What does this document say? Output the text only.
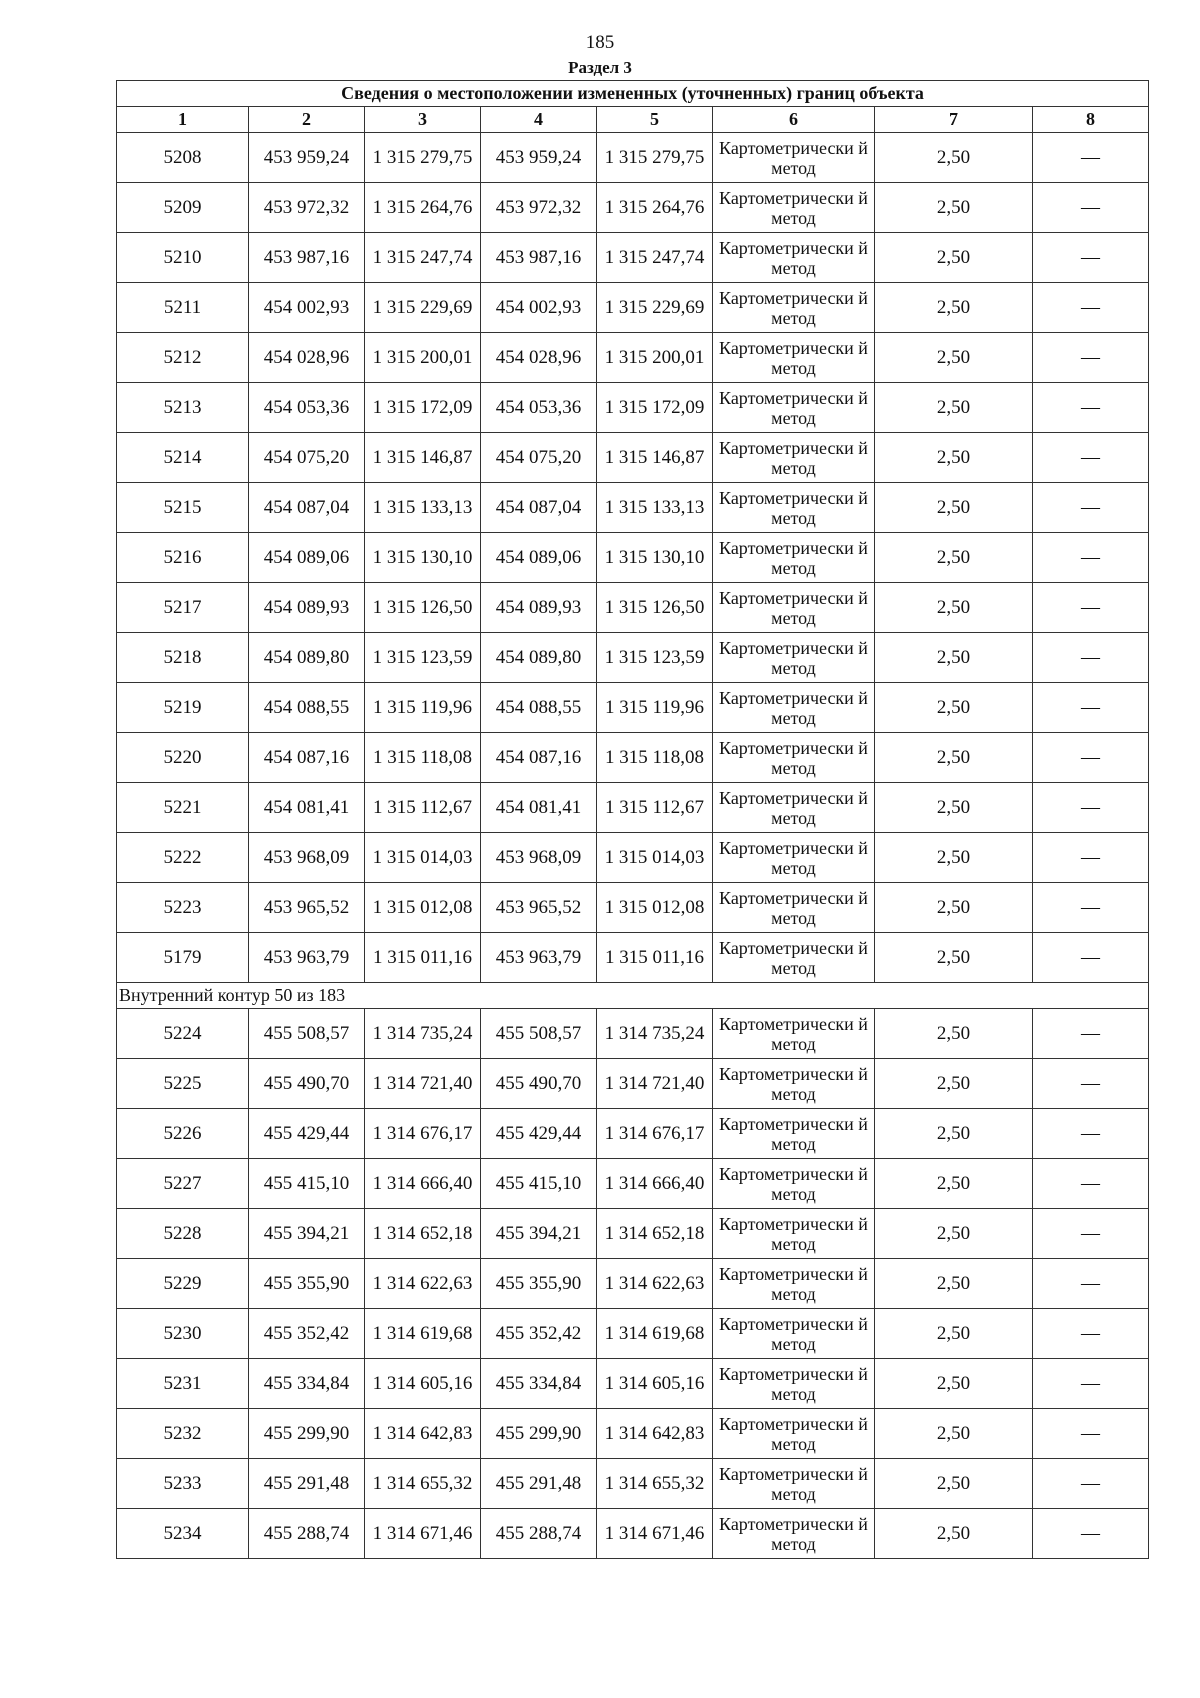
185
Раздел 3
Сведения о местоположении измененных (уточненных) границ объекта							
1	2	3	4	5	6	7	8
5208	453 959,24	1 315 279,75	453 959,24	1 315 279,75	Картометрически й метод	2,50	—
5209	453 972,32	1 315 264,76	453 972,32	1 315 264,76	Картометрически й метод	2,50	—
5210	453 987,16	1 315 247,74	453 987,16	1 315 247,74	Картометрически й метод	2,50	—
5211	454 002,93	1 315 229,69	454 002,93	1 315 229,69	Картометрически й метод	2,50	—
5212	454 028,96	1 315 200,01	454 028,96	1 315 200,01	Картометрически й метод	2,50	—
5213	454 053,36	1 315 172,09	454 053,36	1 315 172,09	Картометрически й метод	2,50	—
5214	454 075,20	1 315 146,87	454 075,20	1 315 146,87	Картометрически й метод	2,50	—
5215	454 087,04	1 315 133,13	454 087,04	1 315 133,13	Картометрически й метод	2,50	—
5216	454 089,06	1 315 130,10	454 089,06	1 315 130,10	Картометрически й метод	2,50	—
5217	454 089,93	1 315 126,50	454 089,93	1 315 126,50	Картометрически й метод	2,50	—
5218	454 089,80	1 315 123,59	454 089,80	1 315 123,59	Картометрически й метод	2,50	—
5219	454 088,55	1 315 119,96	454 088,55	1 315 119,96	Картометрически й метод	2,50	—
5220	454 087,16	1 315 118,08	454 087,16	1 315 118,08	Картометрически й метод	2,50	—
5221	454 081,41	1 315 112,67	454 081,41	1 315 112,67	Картометрически й метод	2,50	—
5222	453 968,09	1 315 014,03	453 968,09	1 315 014,03	Картометрически й метод	2,50	—
5223	453 965,52	1 315 012,08	453 965,52	1 315 012,08	Картометрически й метод	2,50	—
5179	453 963,79	1 315 011,16	453 963,79	1 315 011,16	Картометрически й метод	2,50	—
Внутренний контур 50 из 183							
5224	455 508,57	1 314 735,24	455 508,57	1 314 735,24	Картометрически й метод	2,50	—
5225	455 490,70	1 314 721,40	455 490,70	1 314 721,40	Картометрически й метод	2,50	—
5226	455 429,44	1 314 676,17	455 429,44	1 314 676,17	Картометрически й метод	2,50	—
5227	455 415,10	1 314 666,40	455 415,10	1 314 666,40	Картометрически й метод	2,50	—
5228	455 394,21	1 314 652,18	455 394,21	1 314 652,18	Картометрически й метод	2,50	—
5229	455 355,90	1 314 622,63	455 355,90	1 314 622,63	Картометрически й метод	2,50	—
5230	455 352,42	1 314 619,68	455 352,42	1 314 619,68	Картометрически й метод	2,50	—
5231	455 334,84	1 314 605,16	455 334,84	1 314 605,16	Картометрически й метод	2,50	—
5232	455 299,90	1 314 642,83	455 299,90	1 314 642,83	Картометрически й метод	2,50	—
5233	455 291,48	1 314 655,32	455 291,48	1 314 655,32	Картометрически й метод	2,50	—
5234	455 288,74	1 314 671,46	455 288,74	1 314 671,46	Картометрически й метод	2,50	—
